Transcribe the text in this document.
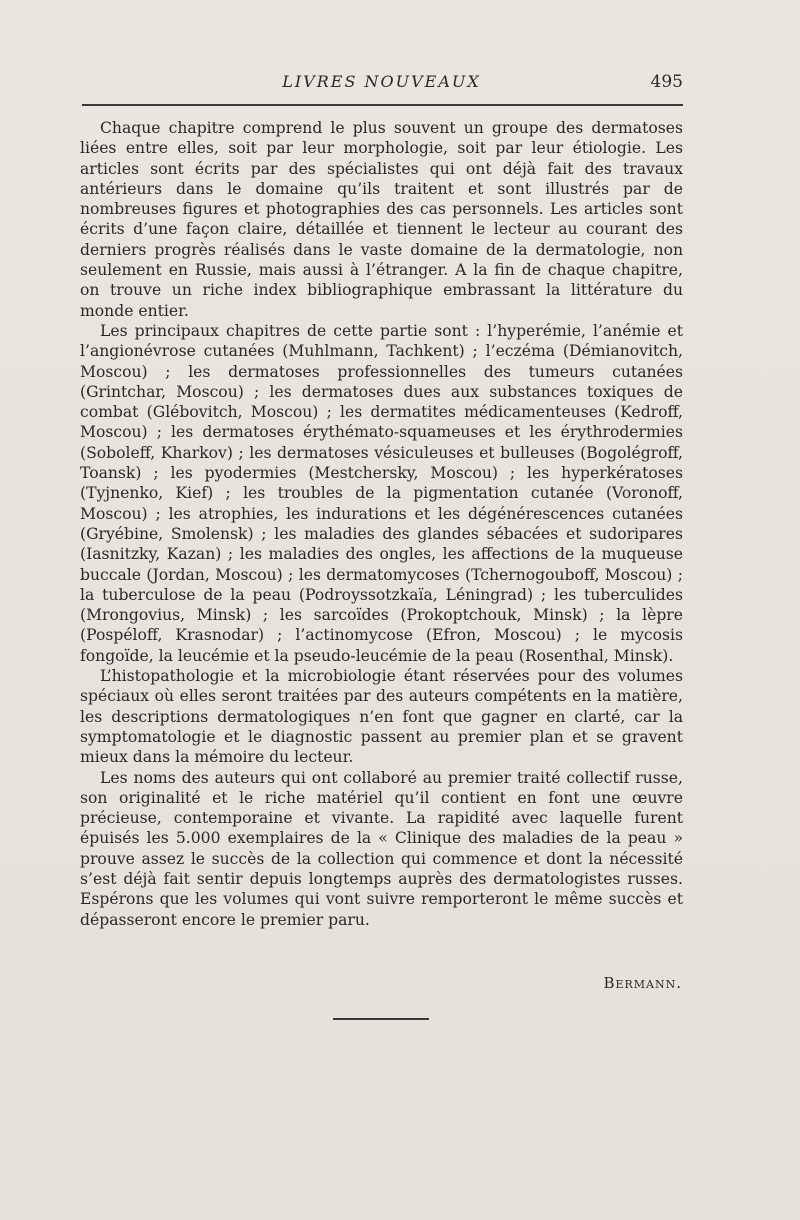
LIVRES NOUVEAUX	495

Chaque chapitre comprend le plus souvent un groupe des dermatoses liées entre elles, soit par leur morphologie, soit par leur étiologie. Les articles sont écrits par des spécialistes qui ont déjà fait des travaux antérieurs dans le domaine qu’ils traitent et sont illustrés par de nombreuses figures et photographies des cas personnels. Les articles sont écrits d’une façon claire, détaillée et tiennent le lecteur au courant des derniers progrès réalisés dans le vaste domaine de la dermatologie, non seulement en Russie, mais aussi à l’étranger. A la fin de chaque chapitre, on trouve un riche index bibliographique embrassant la littérature du monde entier.

Les principaux chapitres de cette partie sont : l’hyperémie, l’anémie et l’angionévrose cutanées (Muhlmann, Tachkent) ; l’eczéma (Démianovitch, Moscou) ; les dermatoses professionnelles des tumeurs cutanées (Grintchar, Moscou) ; les dermatoses dues aux substances toxiques de combat (Glébovitch, Moscou) ; les dermatites médicamenteuses (Kedroff, Moscou) ; les dermatoses érythémato-squameuses et les érythrodermies (Soboleff, Kharkov) ; les dermatoses vésiculeuses et bulleuses (Bogolégroff, Toansk) ; les pyodermies (Mestchersky, Moscou) ; les hyperkératoses (Tyjnenko, Kief) ; les troubles de la pigmentation cutanée (Voronoff, Moscou) ; les atrophies, les indurations et les dégénérescences cutanées (Gryébine, Smolensk) ; les maladies des glandes sébacées et sudoripares (Iasnitzky, Kazan) ; les maladies des ongles, les affections de la muqueuse buccale (Jordan, Moscou) ; les dermatomycoses (Tchernogouboff, Moscou) ; la tuberculose de la peau (Podroyssotzkaïa, Léningrad) ; les tuberculides (Mrongovius, Minsk) ; les sarcoïdes (Prokoptchouk, Minsk) ; la lèpre (Pospéloff, Krasnodar) ; l’actinomycose (Efron, Moscou) ; le mycosis fongoïde, la leucémie et la pseudo-leucémie de la peau (Rosenthal, Minsk).

L’histopathologie et la microbiologie étant réservées pour des volumes spéciaux où elles seront traitées par des auteurs compétents en la matière, les descriptions dermatologiques n’en font que gagner en clarté, car la symptomatologie et le diagnostic passent au premier plan et se gravent mieux dans la mémoire du lecteur.

Les noms des auteurs qui ont collaboré au premier traité collectif russe, son originalité et le riche matériel qu’il contient en font une œuvre précieuse, contemporaine et vivante. La rapidité avec laquelle furent épuisés les 5.000 exemplaires de la « Clinique des maladies de la peau » prouve assez le succès de la collection qui commence et dont la nécessité s’est déjà fait sentir depuis longtemps auprès des dermatologistes russes. Espérons que les volumes qui vont suivre remporteront le même succès et dépasseront encore le premier paru.

Bermann.
